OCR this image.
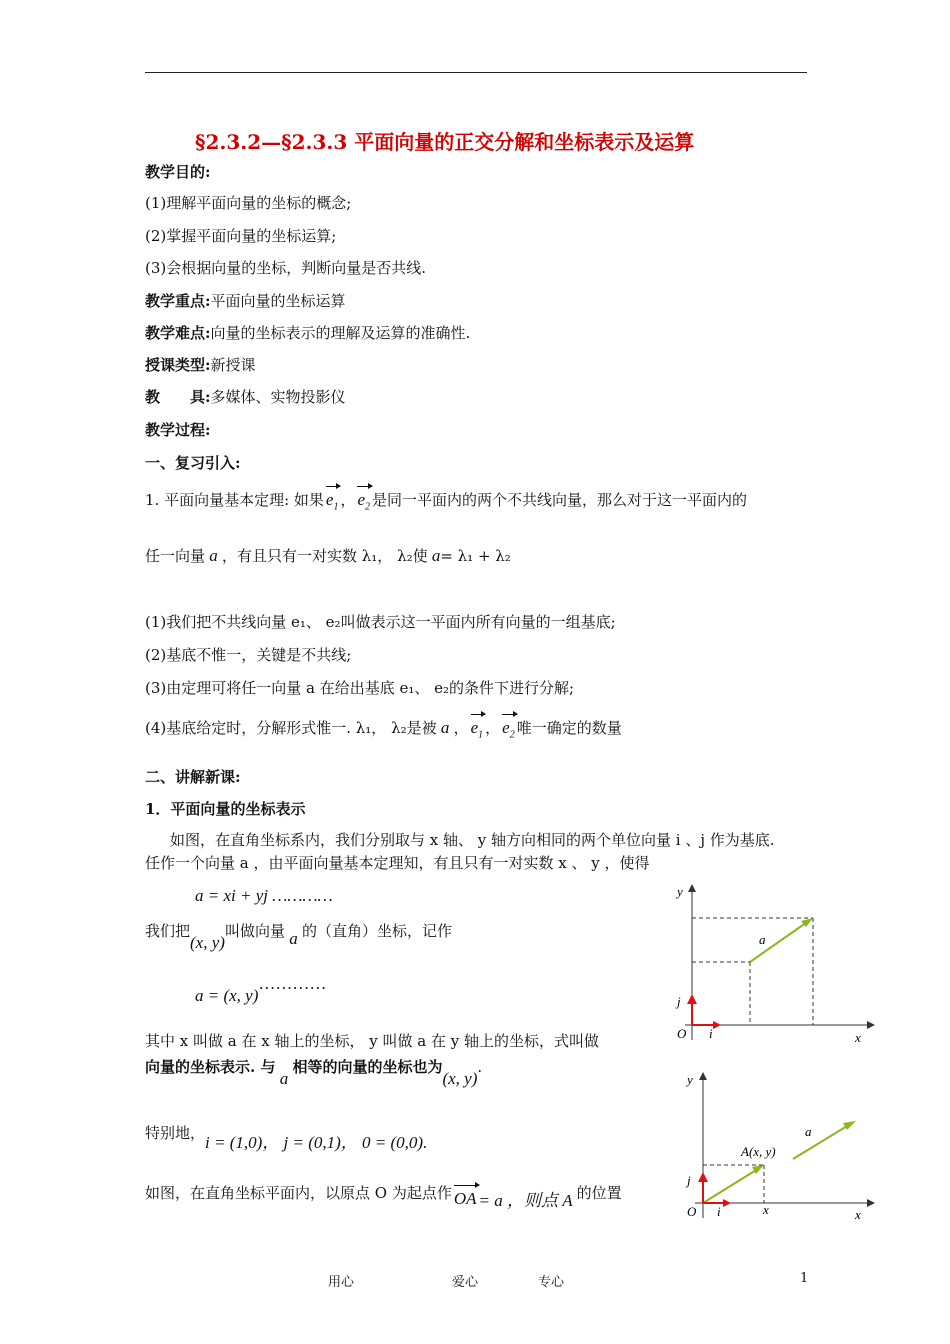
§2.3.2—§2.3.3 平面向量的正交分解和坐标表示及运算
教学目的:
(1)理解平面向量的坐标的概念;
(2)掌握平面向量的坐标运算;
(3)会根据向量的坐标，判断向量是否共线.
教学重点:平面向量的坐标运算
教学难点:向量的坐标表示的理解及运算的准确性.
授课类型:新授课
教　　具:多媒体、实物投影仪
教学过程:
一、复习引入:
1. 平面向量基本定理: 如果 $e_1$ ， $e_2$ 是同一平面内的两个不共线向量，那么对于这一平面内的
任一向量 a ，有且只有一对实数 λ₁， λ₂使 a= λ₁ + λ₂
(1)我们把不共线向量 e₁、 e₂叫做表示这一平面内所有向量的一组基底;
(2)基底不惟一，关键是不共线;
(3)由定理可将任一向量 a 在给出基底 e₁、 e₂的条件下进行分解;
(4)基底给定时，分解形式惟一. λ₁， λ₂是被 a ， $e_1$ ， $e_2$ 唯一确定的数量
二、讲解新课:
1．平面向量的坐标表示
如图，在直角坐标系内，我们分别取与 x 轴、 y 轴方向相同的两个单位向量 i 、j 作为基底.
任作一个向量 a ，由平面向量基本定理知，有且只有一对实数 x 、 y ，使得
a = xi + yj …………
我们把(x, y)叫做向量 a 的（直角）坐标，记作
a = (x, y)…………
其中 x 叫做 a 在 x 轴上的坐标， y 叫做 a 在 y 轴上的坐标，式叫做
向量的坐标表示. 与 a 相等的向量的坐标也为(x, y).
特别地，i = (1,0)， j = (0,1)， 0 = (0,0).
如图，在直角坐标平面内，以原点 O 为起点作 OA = a ，则点 A 的位置
y
x
O
j
i
a
y
x
O
j
i
a
A(x, y)
x
用心	爱心	专心	1
